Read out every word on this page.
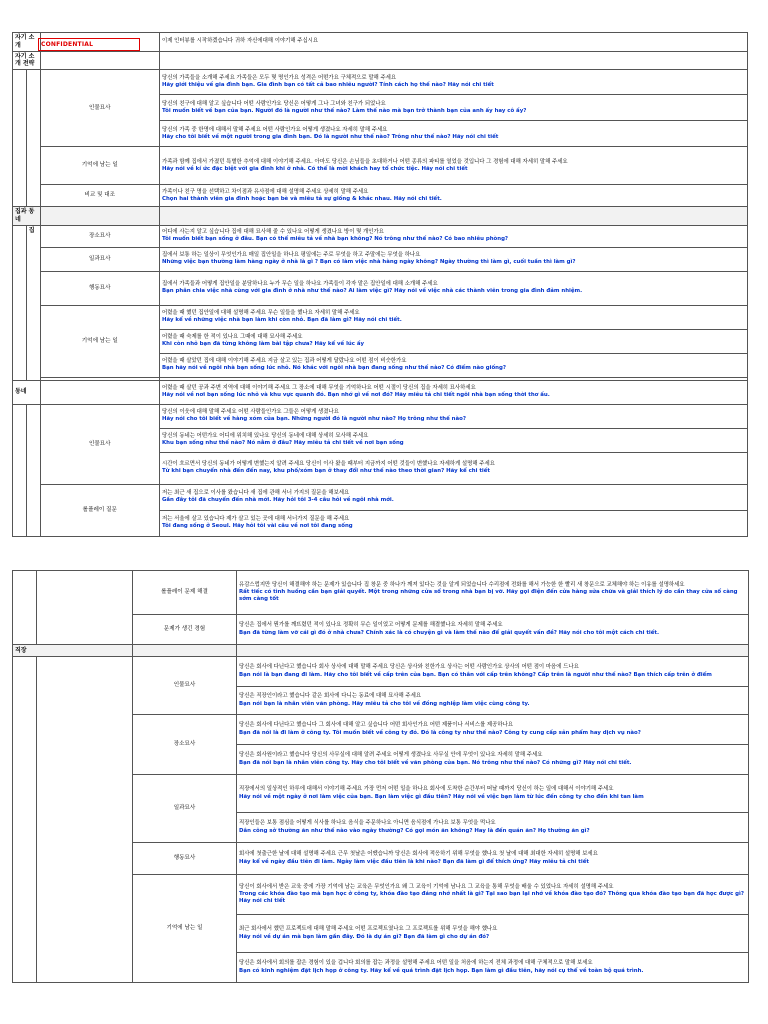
자기 소개			이제 인터뷰를 시작하겠습니다 귀하 자신에대해 이야기해 주십시요

자기 소개 전략			
		인물묘사	당신의 가족들을 소개해 주세요 가족들은 모두 몇 명인가요 성격은 어떤가요 구체적으로 말해 주세요
Hãy giới thiệu về gia đình bạn. Gia đình bạn có tất cả bao nhiêu người? Tính cách họ thế nào? Hãy nói chi tiết

			당신의 친구에 대해 알고 싶습니다 어떤 사람인가요 당신은 어떻게 그나 그녀와 친구가 되었나요
Tôi muốn biết về bạn của bạn. Người đó là người như thế nào? Làm thế nào mà bạn trở thành bạn của anh ấy hay cô ấy?

			당신의 가족 중 한명에 대해서 말해 주세요 어떤 사람인가요 어떻게 생겼나요 자세히 말해 주세요
Hãy cho tôi biết về một người trong gia đình bạn. Đó là người như thế nào? Trông như thế nào? Hãy nói chi tiết

		기억에 남는 일	가족과 함께 집에서 가졌던 특별한 추억에 대해 이야기해 주세요. 아마도 당신은 손님들을 초대하거나 어떤 종류의 파티를 열었을 것입니다 그 경험에 대해 자세히 말해 주세요
Hãy nói về kí ức đặc biệt với gia đình khi ở nhà. Có thể là mời khách hay tổ chức tiệc. Hãy nói chi tiết

		비교 및 대조	가족이나 친구 명을 선택하고 차이점과 유사점에 대해 설명해 주세요 상세히 말해 주세요
Chọn hai thành viên gia đình hoặc bạn bè và miêu tả sự giống & khác nhau. Hãy nói chi tiết.

집과 동네			
	집	장소묘사	어디에 사는지 알고 싶습니다 집에 대해 묘사해 줄 수 있나요 어떻게 생겼나요 방이 몇 개인가요
Tôi muốn biết bạn sống ở đâu. Bạn có thể miêu tả về nhà bạn không? Nó trông như thế nào? Có bao nhiêu phòng?

		일과묘사	집에서 보통 하는 일상이 무엇인가요 매일 집안일을 하나요 평일에는 주로 무엇을 하고 주말에는 무엇을 하나요
Những việc bạn thường làm hàng ngày ở nhà là gì ? Bạn có làm việc nhà hàng ngày không? Ngày thường thì làm gì, cuối tuần thì làm gì?

		행동묘사	집에서 가족들과 어떻게 집안일을 분담하나요 누가 무슨 일을 하나요 가족들이 각자 맡은 집안일에 대해 소개해 주세요
Bạn phân chia việc nhà cùng với gia đình ở nhà như thế nào? Ai làm việc gì? Hãy nói về việc nhà các thành viên trong gia đình đảm nhiệm.

		기억에 남는 일	어렸을 때 했던 집안일에 대해 설명해 주세요 무슨 일들을 했나요 자세히 말해 주세요
Hãy kể về những việc nhà bạn làm khi còn nhỏ. Bạn đã làm gì? Hãy nói chi tiết.

			어렸을 때 숙제를 한 적이 있나요 그때에 대해 묘사해 주세요
Khi còn nhỏ bạn đã từng không làm bài tập chưa? Hãy kể về lúc ấy

			어렸을 때 살았던 집에 대해 이야기해 주세요 지금 살고 있는 집과 어떻게 달랐나요 어떤 점이 비슷한가요
Bạn hãy nói về ngôi nhà bạn sống lúc nhỏ. Nó khác với ngôi nhà bạn đang sống như thế nào? Có điểm nào giống?

동네			어렸을 때 살던 공과 주변 지역에 대해 이야기해 주세요 그 장소에 대해 무엇을 기억하나요 어떤 시절이 당신의 집을 자세히 묘사하세요
Hãy nói về nơi bạn sống lúc nhỏ và khu vực quanh đó. Bạn nhớ gì về nơi đó? Hãy miêu tả chi tiết ngôi nhà bạn sống thời thơ ấu.

		인물묘사	당신의 이웃에 대해 말해 주세요 어떤 사람들인가요 그들은 어떻게 생겼나요
Hãy nói cho tôi biết về hàng xóm của bạn. Những người đó là người như nào? Họ trông như thế nào?

			당신의 동네는 어떤가요 어디에 위치해 있나요 당신의 동네에 대해 상세히 묘사해 주세요
Khu bạn sống như thế nào? Nó nằm ở đâu? Hãy miêu tả chi tiết về nơi bạn sống

			시간이 흐르면서 당신의 동네가 어떻게 변했는지 알려 주세요 당신이 이사 왔을 때부터 지금까지 어떤 것들이 변했나요 자세하게 설명해 주세요
Từ khi bạn chuyển nhà đến đến nay, khu phố/xóm bạn ở thay đổi như thế nào theo thời gian? Hãy kể chi tiết

		롤플레이 질문	저는 최근 새 집으로 이사를 왔습니다 새 집에 관해 서너 가지의 질문을 해보세요
Gần đây tôi đã chuyển đến nhà mới. Hãy hỏi tôi 3-4 câu hỏi về ngôi nhà mới.

			저는 서울에 살고 있습니다 제가 살고 있는 곳에 대해 서너가지 질문을 해 주세요
Tôi đang sống ở Seoul. Hãy hỏi tôi vài câu về nơi tôi đang sống
CONFIDENTIAL
		롤플레이 문제 해결	유감스럽지만 당신이 해결해야 하는 문제가 있습니다 집 창문 중 하나가 깨져 있다는 것을 알게 되었습니다 수리점에 전화를 해서 가능한 한 빨리 새 창문으로 교체해야 하는 이유를 설명하세요
Rất tiếc có tình huống cần bạn giải quyết. Một trong những cửa sổ trong nhà bạn bị vỡ. Hãy gọi điện đến cửa hàng sửa chữa và giải thích lý do cần thay cửa sổ càng sớm càng tốt

		문제가 생긴 경험	당신은 집에서 뭔가를 깨뜨렸던 적이 있나요 정확히 무슨 일이었고 어떻게 문제를 해결했나요 자세히 말해 주세요
Bạn đã từng làm vỡ cái gì đó ở nhà chưa? Chính xác là có chuyện gì và làm thế nào để giải quyết vấn đề? Hãy nói cho tôi một cách chi tiết.

직장			
		인물묘사	당신은 회사에 다닌다고 했습니다 회사 상사에 대해 말해 주세요 당신은 상사와 친한가요 상사는 어떤 사람인가요 상사의 어떤 점이 마음에 드나요
Bạn nói là bạn đang đi làm. Hãy cho tôi biết về cấp trên của bạn. Bạn có thân với cấp trên không? Cấp trên là người như thế nào? Bạn thích cấp trên ở điểm

			당신은 직장인이라고 했습니다 같은 회사에 다니는 동료에 대해 묘사해 주세요
Bạn nói bạn là nhân viên văn phòng. Hãy miêu tả cho tôi về đồng nghiệp làm việc cùng công ty.

		장소묘사	당신은 회사에 다닌다고 했습니다 그 회사에 대해 알고 싶습니다 어떤 회사인가요 어떤 제품이나 서비스를 제공하나요
Bạn đã nói là đi làm ở công ty. Tôi muốn biết về công ty đó. Đó là công ty như thế nào? Công ty cung cấp sản phẩm hay dịch vụ nào?

			당신은 회사원이라고 했습니다 당신의 사무실에 대해 알려 주세요 어떻게 생겼나요 사무실 안에 무엇이 있나요 자세히 말해 주세요
Bạn đã nói bạn là nhân viên công ty. Hãy cho tôi biết về văn phòng của bạn. Nó trông như thế nào? Có những gì? Hãy nói chi tiết.

		일과묘사	직장에서의 일상적인 하루에 대해서 이야기해 주세요 가장 먼저 어떤 일을 하나요 회사에 도착한 순간부터 떠날 때까지 당신이 하는 일에 대해서 이야기해 주세요
Hãy nói về một ngày ở nơi làm việc của bạn. Bạn làm việc gì đầu tiên? Hãy nói về việc bạn làm từ lúc đến công ty cho đến khi tan làm

			직장인들은 보통 점심을 어떻게 식사를 하나요 음식을 주문하나요 아니면 음식점에 가나요 보통 무엇을 먹나요
Dân công sở thường ăn như thế nào vào ngày thường? Có gọi món ăn không? Hay là đến quán ăn? Họ thường ăn gì?

		행동묘사	회사에 첫출근한 날에 대해 설명해 주세요 근무 첫날은 어땠습니까 당신은 회사에 적응하기 위해 무엇을 했나요 첫 날에 대해 최대한 자세히 설명해 보세요
Hãy kể về ngày đầu tiên đi làm. Ngày làm việc đầu tiên là khi nào? Bạn đã làm gì để thích ứng? Hãy miêu tả chi tiết

		기억에 남는 일	당신이 회사에서 받은 교육 중에 가장 기억에 남는 교육은 무엇인가요 왜 그 교육이 기억에 남나요 그 교육을 통해 무엇을 배울 수 있었나요 자세히 설명해 주세요
Trong các khóa đào tạo mà bạn học ở công ty, khóa đào tạo đáng nhớ nhất là gì? Tại sao bạn lại nhớ về khóa đào tạo đó? Thông qua khóa đào tạo bạn đã học được gì? Hãy nói chi tiết

			최근 회사에서 했던 프로젝트에 대해 말해 주세요 어떤 프로젝트였나요 그 프로젝트를 위해 무엇을 해야 했나요
Hãy nói về dự án mà bạn làm gần đây. Đó là dự án gì? Bạn đã làm gì cho dự án đó?

			당신은 회사에서 회의를 잡은 경험이 있을 겁니다 회의를 잡는 과정을 설명해 주세요 어떤 일을 처음에 하는지 전체 과정에 대해 구체적으로 말해 보세요
Bạn có kinh nghiệm đặt lịch họp ở công ty. Hãy kể về quá trình đặt lịch họp. Bạn làm gì đầu tiên, hãy nói cụ thể về toàn bộ quá trình.
